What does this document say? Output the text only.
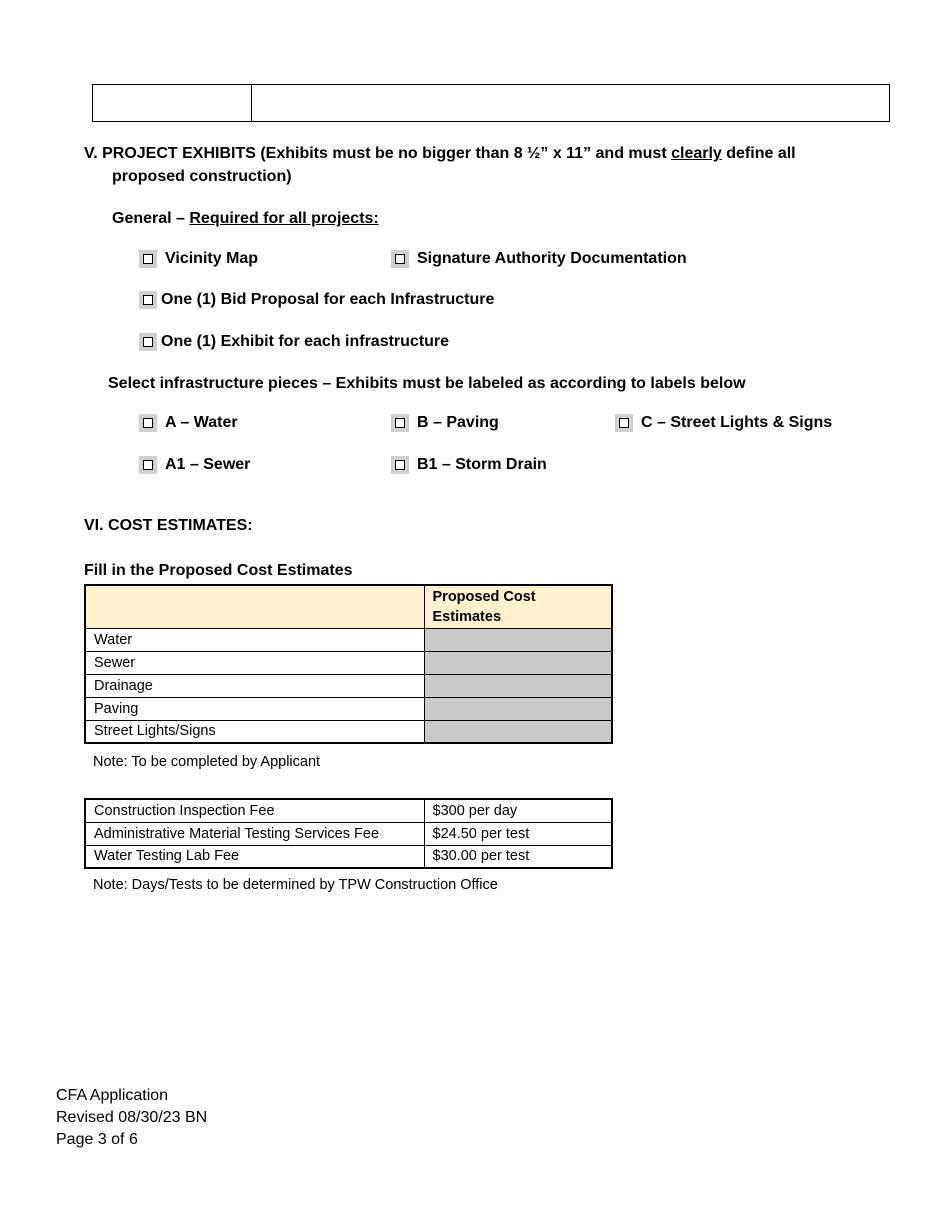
V. PROJECT EXHIBITS (Exhibits must be no bigger than 8 ½” x 11” and must clearly define all
proposed construction)
General – Required for all projects:
Vicinity Map	Signature Authority Documentation
One (1) Bid Proposal for each Infrastructure
One (1) Exhibit for each infrastructure
Select infrastructure pieces – Exhibits must be labeled as according to labels below
A – Water	B – Paving	C – Street Lights & Signs
A1 – Sewer	B1 – Storm Drain
VI. COST ESTIMATES:
Fill in the Proposed Cost Estimates

	Proposed Cost
Estimates

Water	
Sewer	
Drainage	
Paving	
Street Lights/Signs	
Note: To be completed by Applicant
Construction Inspection Fee	$300 per day
Administrative Material Testing Services Fee	$24.50 per test
Water Testing Lab Fee	$30.00 per test
Note: Days/Tests to be determined by TPW Construction Office
CFA Application
Revised 08/30/23 BN
Page 3 of 6
